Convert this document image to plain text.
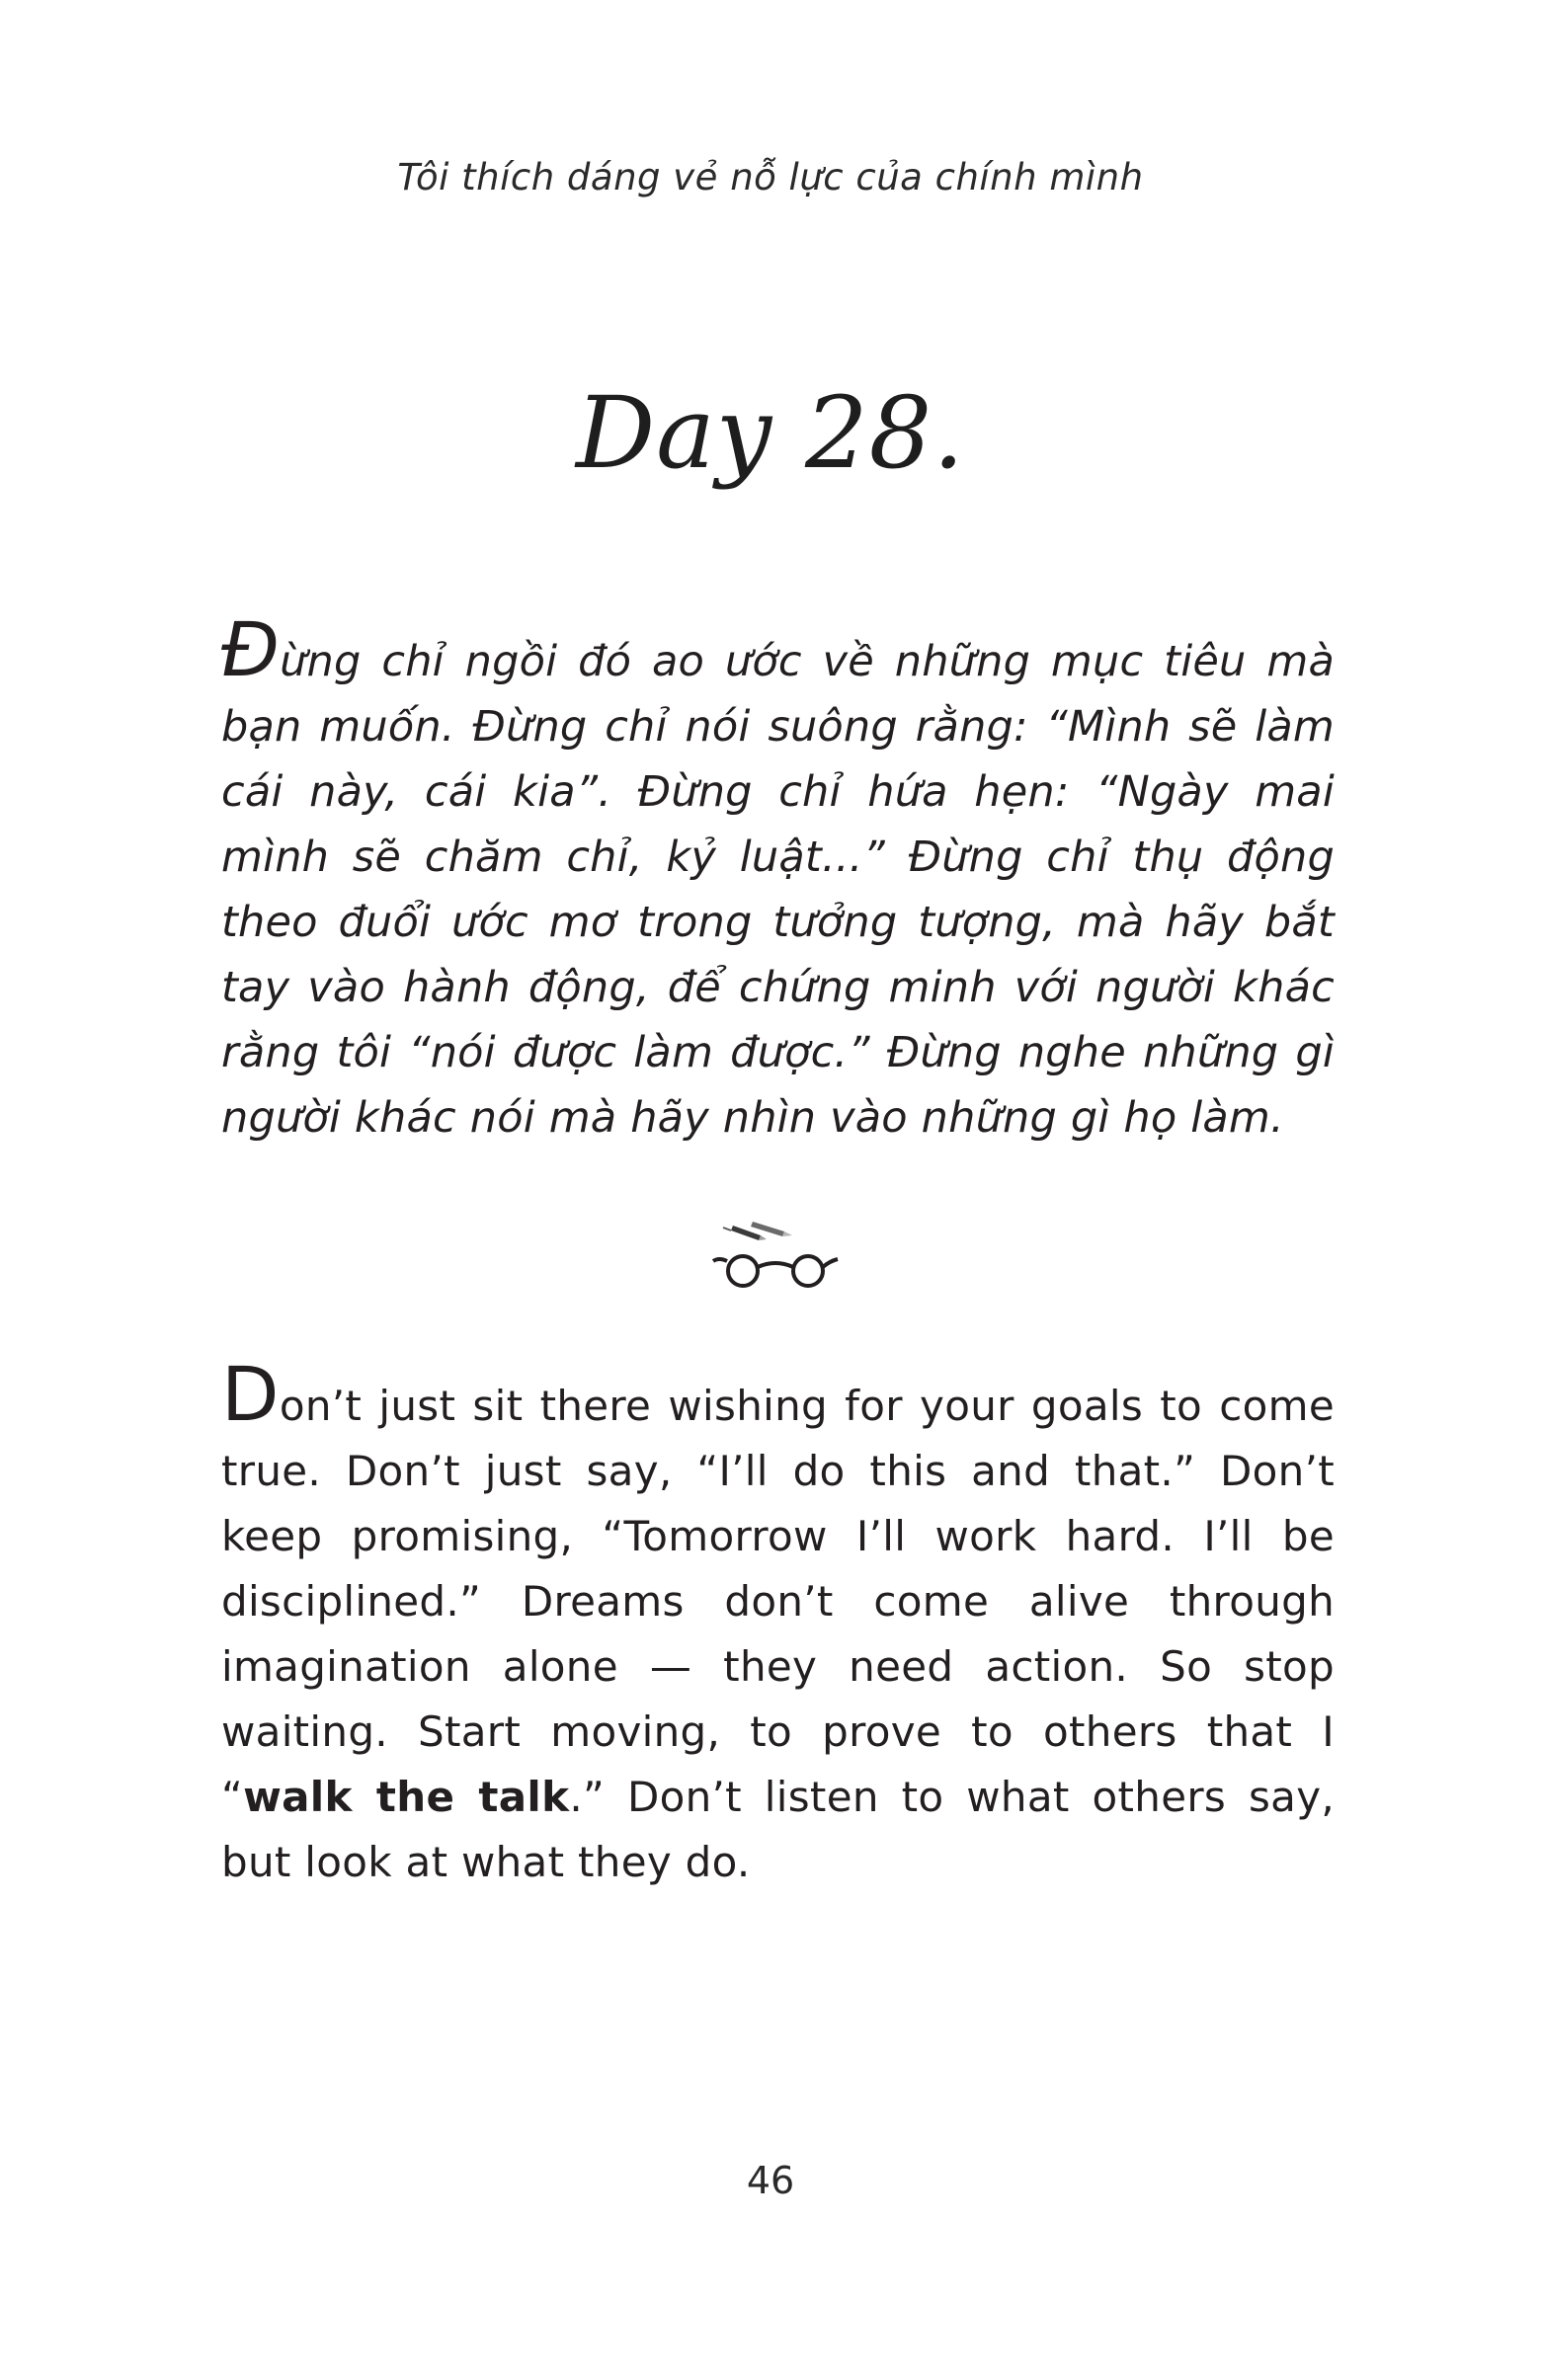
Tôi thích dáng vẻ nỗ lực của chính mình
Day 28.

Đừng chỉ ngồi đó ao ước về những mục tiêu mà bạn muốn. Đừng chỉ nói suông rằng: “Mình sẽ làm cái này, cái kia”. Đừng chỉ hứa hẹn: “Ngày mai mình sẽ chăm chỉ, kỷ luật...” Đừng chỉ thụ động theo đuổi ước mơ trong tưởng tượng, mà hãy bắt tay vào hành động, để chứng minh với người khác rằng tôi “nói được làm được.” Đừng nghe những gì người khác nói mà hãy nhìn vào những gì họ làm.

Don’t just sit there wishing for your goals to come true. Don’t just say, “I’ll do this and that.” Don’t keep promising, “Tomorrow I’ll work hard. I’ll be disciplined.” Dreams don’t come alive through imagination alone — they need action. So stop waiting. Start moving, to prove to others that I “walk the talk.” Don’t listen to what others say, but look at what they do.

46
